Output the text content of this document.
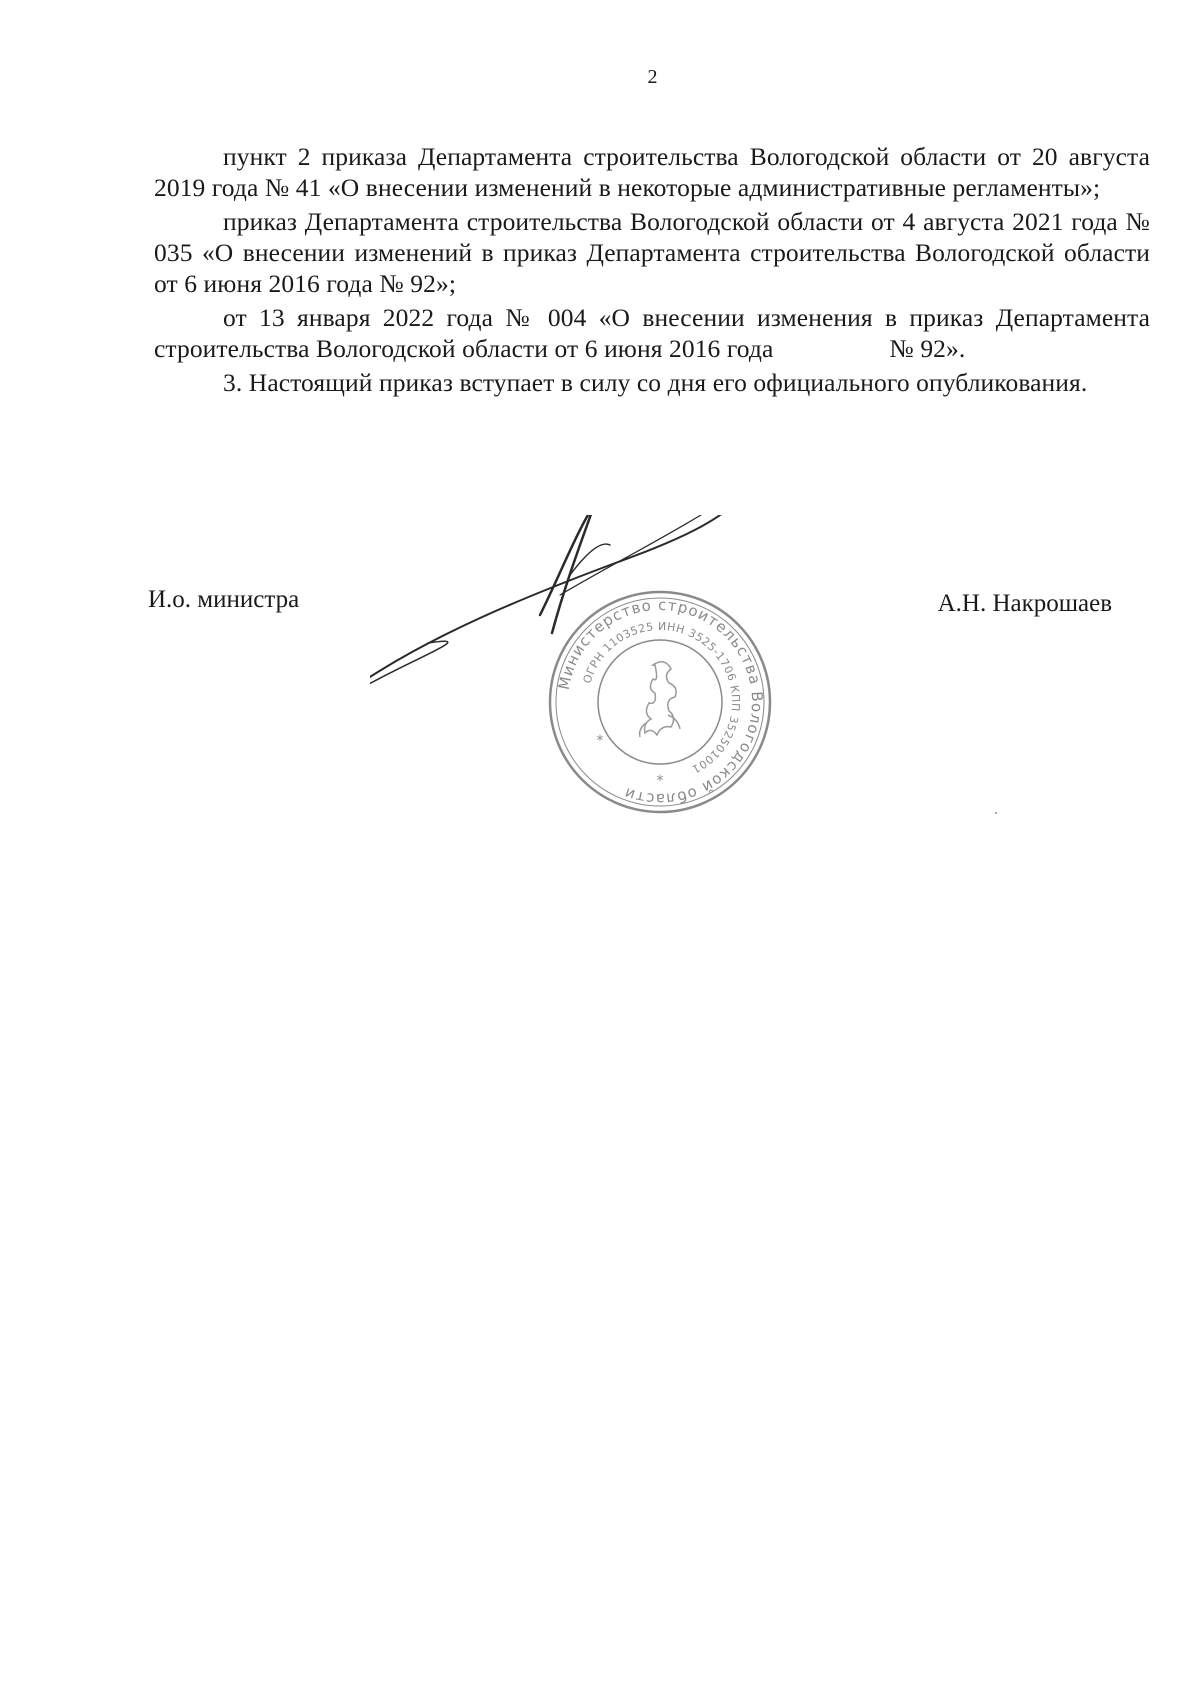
2

пункт 2 приказа Департамента строительства Вологодской области от 20 августа 2019 года № 41 «О внесении изменений в некоторые административные регламенты»;

приказ Департамента строительства Вологодской области от 4 августа 2021 года № 035 «О внесении изменений в приказ Департамента строительства Вологодской области от 6 июня 2016 года № 92»;

от 13 января 2022 года № 004 «О внесении изменения в приказ Департамента строительства Вологодской области от 6 июня 2016 года	№ 92».

3. Настоящий приказ вступает в силу со дня его официального опубликования.

И.о. министра	А.Н. Накрошаев
Министерство строительства Вологодской области
ОГРН 1103525 ИНН 3525-1706 КПП 352501001
*
*
